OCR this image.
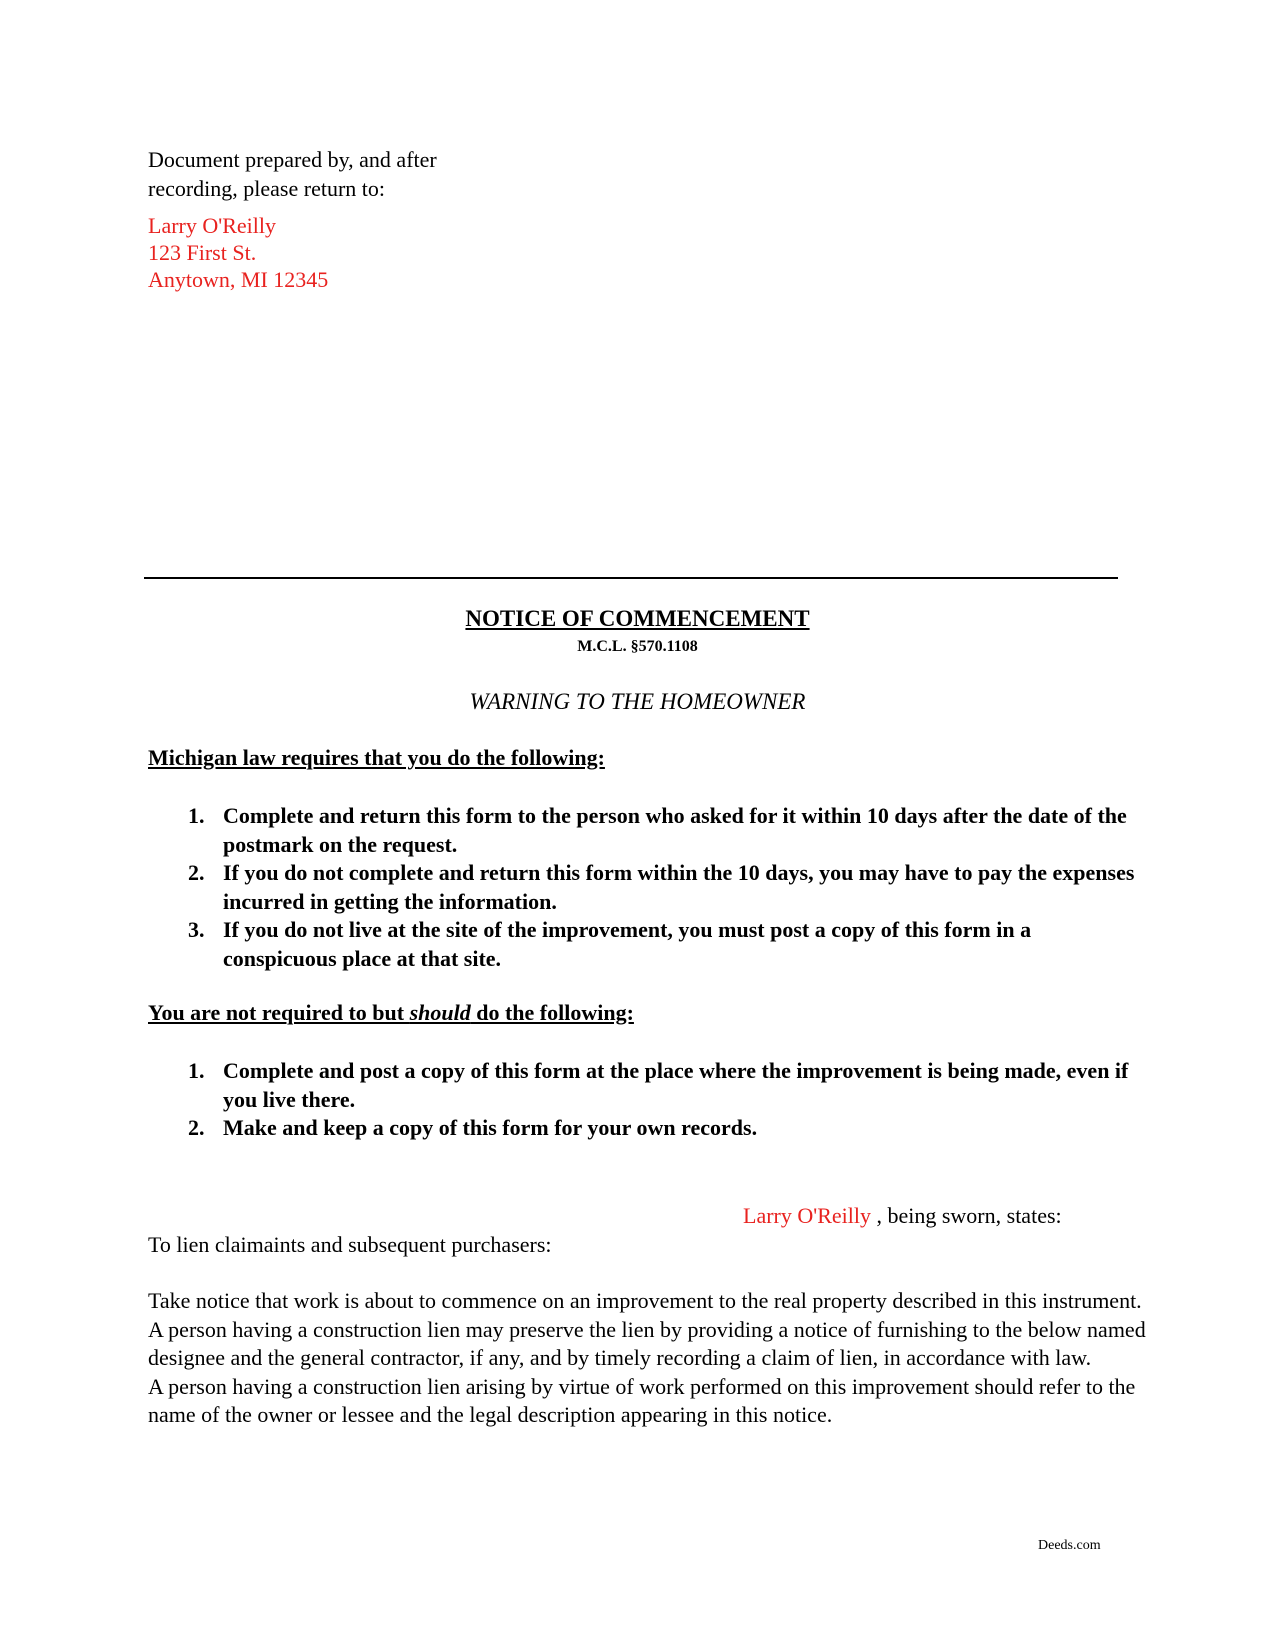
Document prepared by, and after recording, please return to:
Larry O'Reilly
123 First St.
Anytown, MI 12345
NOTICE OF COMMENCEMENT
M.C.L. §570.1108
WARNING TO THE HOMEOWNER
Michigan law requires that you do the following:
1. Complete and return this form to the person who asked for it within 10 days after the date of the postmark on the request.
2. If you do not complete and return this form within the 10 days, you may have to pay the expenses incurred in getting the information.
3. If you do not live at the site of the improvement, you must post a copy of this form in a conspicuous place at that site.
You are not required to but should do the following:
1. Complete and post a copy of this form at the place where the improvement is being made, even if you live there.
2. Make and keep a copy of this form for your own records.
Larry O'Reilly , being sworn, states:
To lien claimaints and subsequent purchasers:

Take notice that work is about to commence on an improvement to the real property described in this instrument. A person having a construction lien may preserve the lien by providing a notice of furnishing to the below named designee and the general contractor, if any, and by timely recording a claim of lien, in accordance with law.

A person having a construction lien arising by virtue of work performed on this improvement should refer to the name of the owner or lessee and the legal description appearing in this notice.

Deeds.com
